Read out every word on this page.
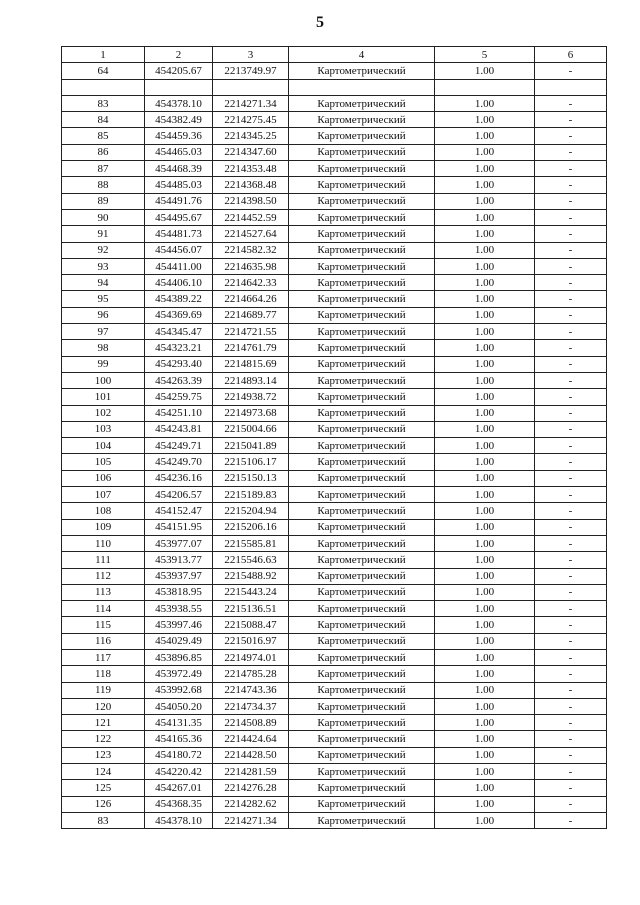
5
1	2	3	4	5	6
64	454205.67	2213749.97	Картометрический	1.00	-

83	454378.10	2214271.34	Картометрический	1.00	-
84	454382.49	2214275.45	Картометрический	1.00	-
85	454459.36	2214345.25	Картометрический	1.00	-
86	454465.03	2214347.60	Картометрический	1.00	-
87	454468.39	2214353.48	Картометрический	1.00	-
88	454485.03	2214368.48	Картометрический	1.00	-
89	454491.76	2214398.50	Картометрический	1.00	-
90	454495.67	2214452.59	Картометрический	1.00	-
91	454481.73	2214527.64	Картометрический	1.00	-
92	454456.07	2214582.32	Картометрический	1.00	-
93	454411.00	2214635.98	Картометрический	1.00	-
94	454406.10	2214642.33	Картометрический	1.00	-
95	454389.22	2214664.26	Картометрический	1.00	-
96	454369.69	2214689.77	Картометрический	1.00	-
97	454345.47	2214721.55	Картометрический	1.00	-
98	454323.21	2214761.79	Картометрический	1.00	-
99	454293.40	2214815.69	Картометрический	1.00	-
100	454263.39	2214893.14	Картометрический	1.00	-
101	454259.75	2214938.72	Картометрический	1.00	-
102	454251.10	2214973.68	Картометрический	1.00	-
103	454243.81	2215004.66	Картометрический	1.00	-
104	454249.71	2215041.89	Картометрический	1.00	-
105	454249.70	2215106.17	Картометрический	1.00	-
106	454236.16	2215150.13	Картометрический	1.00	-
107	454206.57	2215189.83	Картометрический	1.00	-
108	454152.47	2215204.94	Картометрический	1.00	-
109	454151.95	2215206.16	Картометрический	1.00	-
110	453977.07	2215585.81	Картометрический	1.00	-
111	453913.77	2215546.63	Картометрический	1.00	-
112	453937.97	2215488.92	Картометрический	1.00	-
113	453818.95	2215443.24	Картометрический	1.00	-
114	453938.55	2215136.51	Картометрический	1.00	-
115	453997.46	2215088.47	Картометрический	1.00	-
116	454029.49	2215016.97	Картометрический	1.00	-
117	453896.85	2214974.01	Картометрический	1.00	-
118	453972.49	2214785.28	Картометрический	1.00	-
119	453992.68	2214743.36	Картометрический	1.00	-
120	454050.20	2214734.37	Картометрический	1.00	-
121	454131.35	2214508.89	Картометрический	1.00	-
122	454165.36	2214424.64	Картометрический	1.00	-
123	454180.72	2214428.50	Картометрический	1.00	-
124	454220.42	2214281.59	Картометрический	1.00	-
125	454267.01	2214276.28	Картометрический	1.00	-
126	454368.35	2214282.62	Картометрический	1.00	-
83	454378.10	2214271.34	Картометрический	1.00	-
